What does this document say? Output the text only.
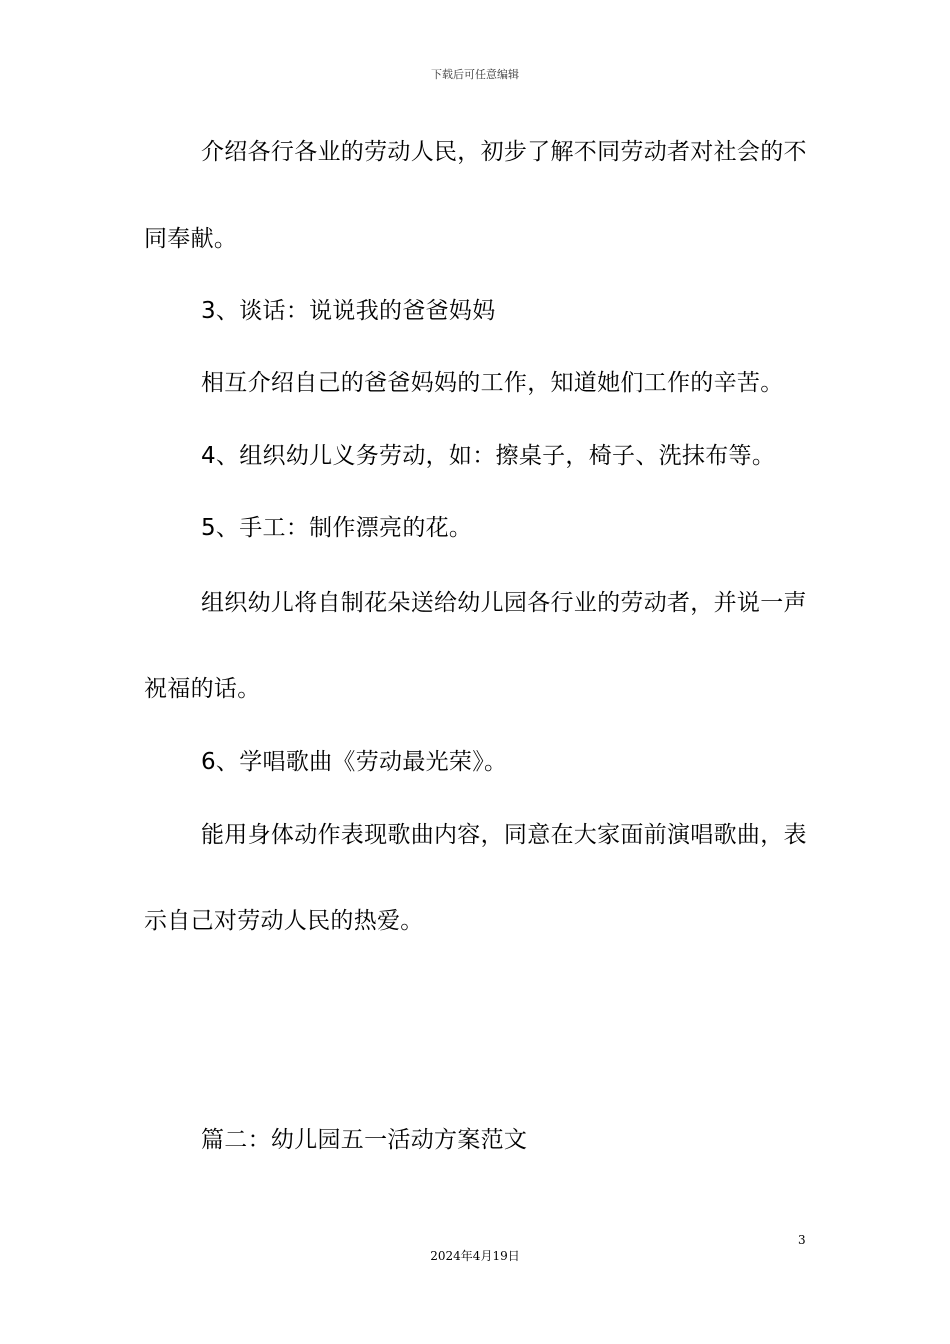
下载后可任意编辑
介绍各行各业的劳动人民，初步了解不同劳动者对社会的不
同奉献。
3、谈话：说说我的爸爸妈妈
相互介绍自己的爸爸妈妈的工作，知道她们工作的辛苦。
4、组织幼儿义务劳动，如：擦桌子，椅子、洗抹布等。
5、手工：制作漂亮的花。
组织幼儿将自制花朵送给幼儿园各行业的劳动者，并说一声
祝福的话。
6、学唱歌曲《劳动最光荣》。
能用身体动作表现歌曲内容，同意在大家面前演唱歌曲，表
示自己对劳动人民的热爱。
篇二：幼儿园五一活动方案范文
3
2024年4月19日
